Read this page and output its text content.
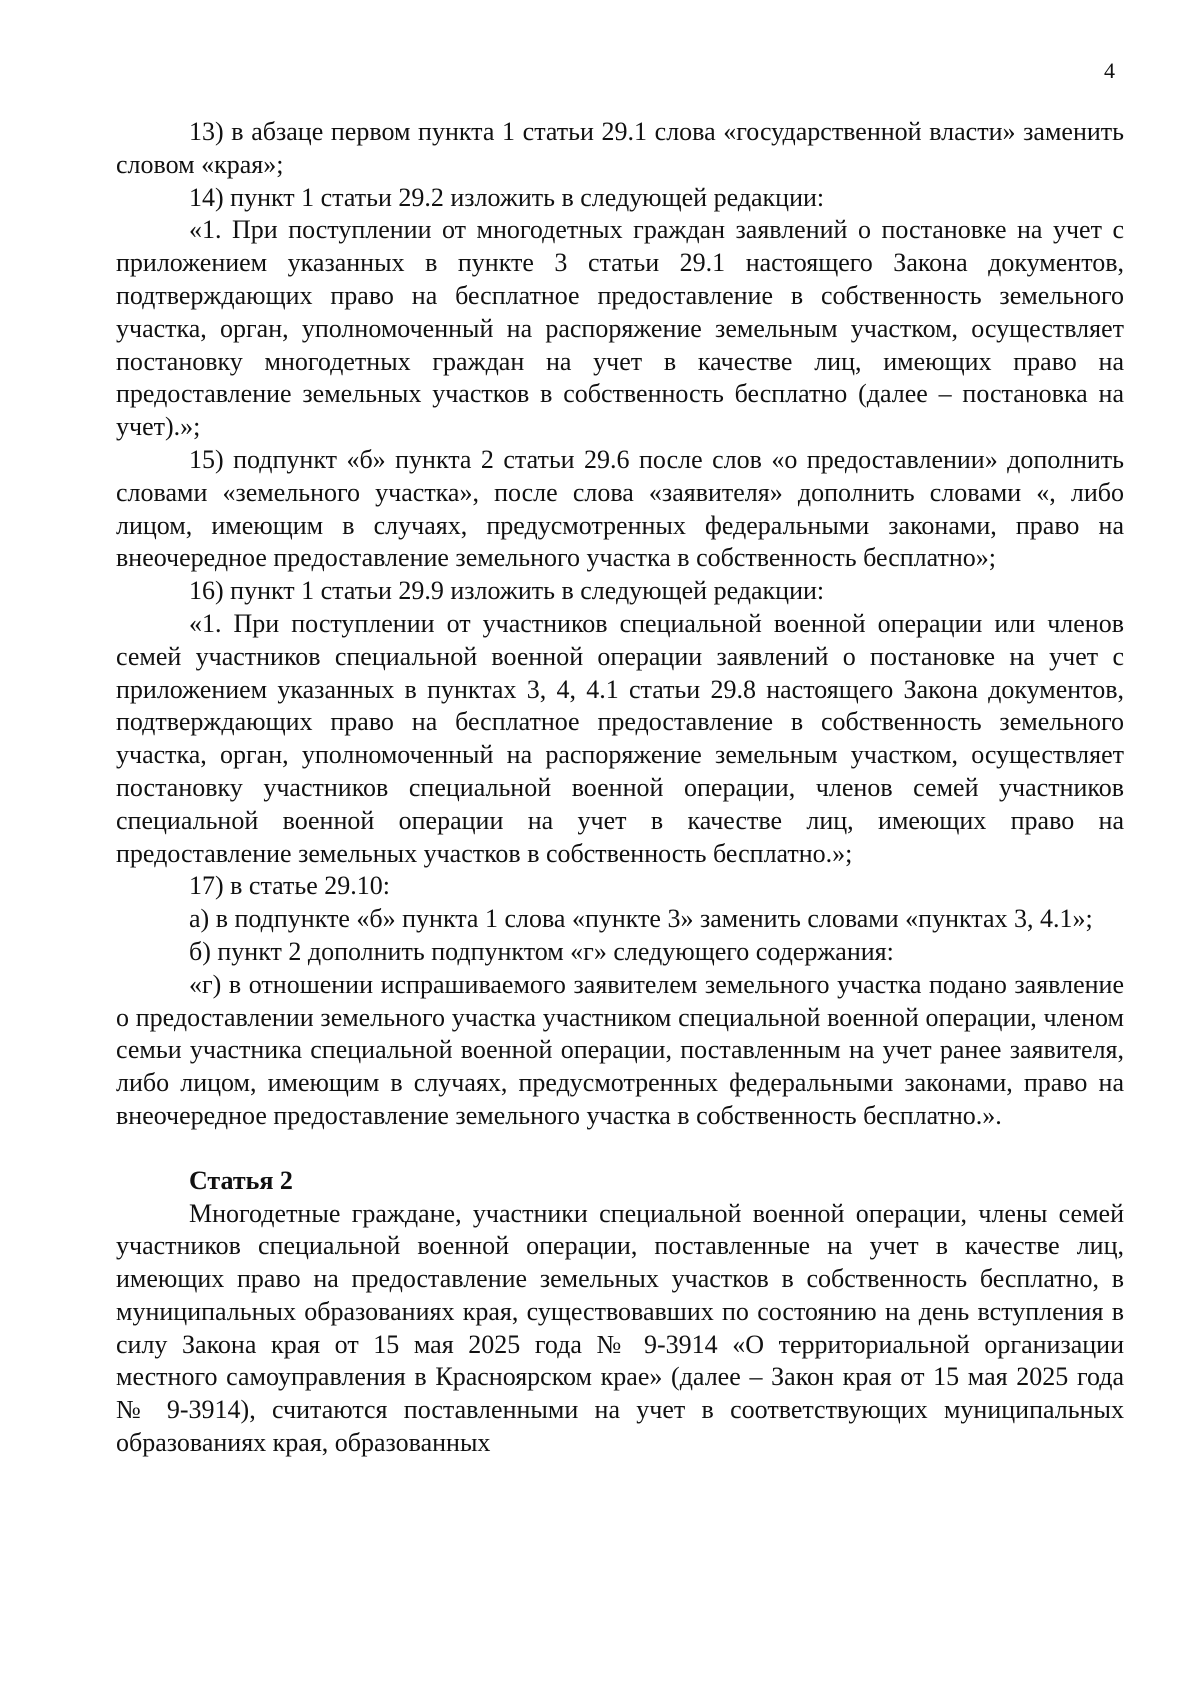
4

13) в абзаце первом пункта 1 статьи 29.1 слова «государственной власти» заменить словом «края»;

14) пункт 1 статьи 29.2 изложить в следующей редакции:

«1. При поступлении от многодетных граждан заявлений о постановке на учет с приложением указанных в пункте 3 статьи 29.1 настоящего Закона документов, подтверждающих право на бесплатное предоставление в собственность земельного участка, орган, уполномоченный на распоряжение земельным участком, осуществляет постановку многодетных граждан на учет в качестве лиц, имеющих право на предоставление земельных участков в собственность бесплатно (далее – постановка на учет).»;

15) подпункт «б» пункта 2 статьи 29.6 после слов «о предоставлении» дополнить словами «земельного участка», после слова «заявителя» дополнить словами «, либо лицом, имеющим в случаях, предусмотренных федеральными законами, право на внеочередное предоставление земельного участка в собственность бесплатно»;

16) пункт 1 статьи 29.9 изложить в следующей редакции:

«1. При поступлении от участников специальной военной операции или членов семей участников специальной военной операции заявлений о постановке на учет с приложением указанных в пунктах 3, 4, 4.1 статьи 29.8 настоящего Закона документов, подтверждающих право на бесплатное предоставление в собственность земельного участка, орган, уполномоченный на распоряжение земельным участком, осуществляет постановку участников специальной военной операции, членов семей участников специальной военной операции на учет в качестве лиц, имеющих право на предоставление земельных участков в собственность бесплатно.»;

17) в статье 29.10:

а) в подпункте «б» пункта 1 слова «пункте 3» заменить словами «пунктах 3, 4.1»;

б) пункт 2 дополнить подпунктом «г» следующего содержания:

«г) в отношении испрашиваемого заявителем земельного участка подано заявление о предоставлении земельного участка участником специальной военной операции, членом семьи участника специальной военной операции, поставленным на учет ранее заявителя, либо лицом, имеющим в случаях, предусмотренных федеральными законами, право на внеочередное предоставление земельного участка в собственность бесплатно.».

Статья 2

Многодетные граждане, участники специальной военной операции, члены семей участников специальной военной операции, поставленные на учет в качестве лиц, имеющих право на предоставление земельных участков в собственность бесплатно, в муниципальных образованиях края, существовавших по состоянию на день вступления в силу Закона края от 15 мая 2025 года № 9-3914 «О территориальной организации местного самоуправления в Красноярском крае» (далее – Закон края от 15 мая 2025 года № 9-3914), считаются поставленными на учет в соответствующих муниципальных образованиях края, образованных
